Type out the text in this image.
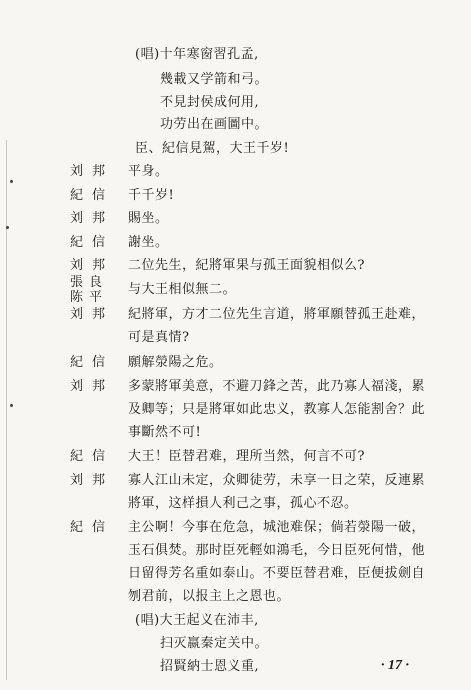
(唱)十年寒窗習孔孟,
幾載又学箭和弓。
不見封侯成何用,
功劳出在画圖中。
臣、紀信見駕，大王千岁!
刘邦 平身。
紀信 千千岁!
刘邦 賜坐。
紀信 謝坐。
刘邦 二位先生，紀將軍果与孤王面貌相似么?
張良
陈平
与大王相似無二。
刘邦 紀將軍，方才二位先生言道，將軍願替孤王赴难，
可是真情?
紀信 願解滎陽之危。
刘邦 多蒙將軍美意，不避刀鋒之苦，此乃寡人福淺，累
及卿等；只是將軍如此忠义，教寡人怎能割舍？此
事斷然不可!
紀信 大王！臣替君难，理所当然，何言不可?
刘邦 寡人江山未定，众卿徒劳，未享一日之荣，反連累
將軍，这样損人利己之事，孤心不忍。
紀信 主公啊！今事在危急，城池难保；倘若滎陽一破，
玉石俱焚。那时臣死輕如鴻毛，今日臣死何惜，他
日留得芳名重如泰山。不要臣替君难，臣便拔劍自
刎君前，以报主上之恩也。
(唱)大王起义在沛丰,
扫灭嬴秦定关中。
招賢納士恩义重,	· 17 ·
